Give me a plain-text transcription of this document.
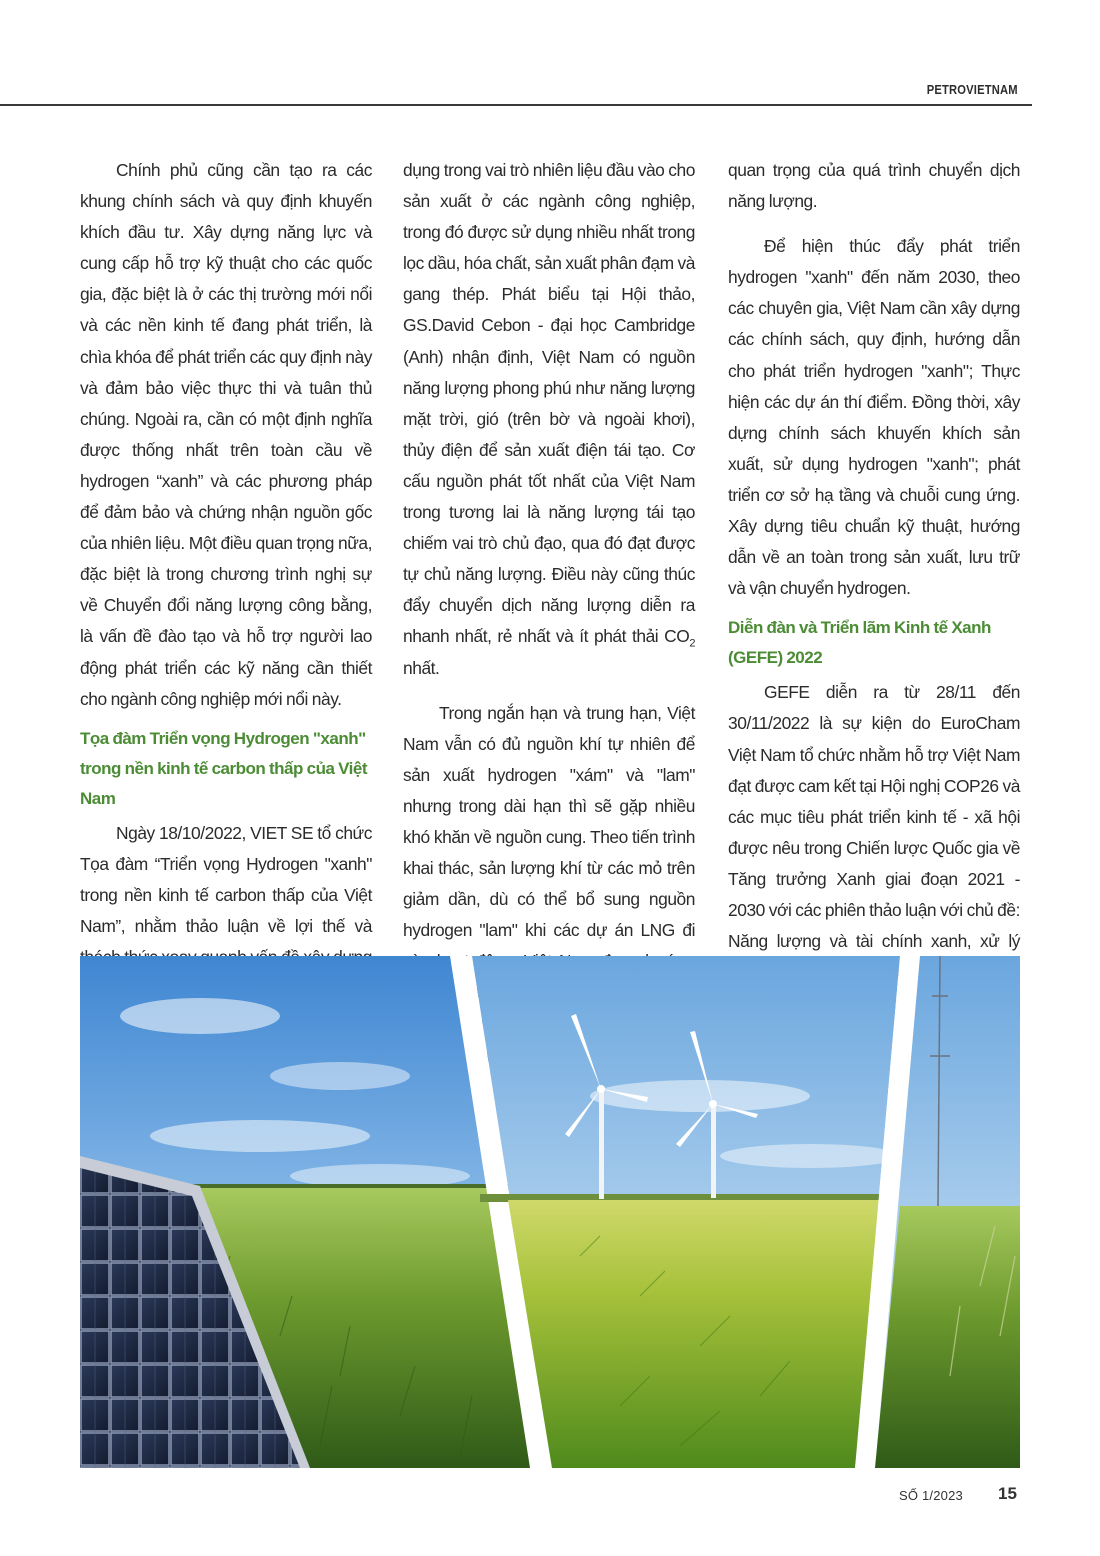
PETROVIETNAM

Chính phủ cũng cần tạo ra các khung chính sách và quy định khuyến khích đầu tư. Xây dựng năng lực và cung cấp hỗ trợ kỹ thuật cho các quốc gia, đặc biệt là ở các thị trường mới nổi và các nền kinh tế đang phát triển, là chìa khóa để phát triển các quy định này và đảm bảo việc thực thi và tuân thủ chúng. Ngoài ra, cần có một định nghĩa được thống nhất trên toàn cầu về hydrogen “xanh” và các phương pháp để đảm bảo và chứng nhận nguồn gốc của nhiên liệu. Một điều quan trọng nữa, đặc biệt là trong chương trình nghị sự về Chuyển đổi năng lượng công bằng, là vấn đề đào tạo và hỗ trợ người lao động phát triển các kỹ năng cần thiết cho ngành công nghiệp mới nổi này.

Tọa đàm Triển vọng Hydrogen "xanh" trong nền kinh tế carbon thấp của Việt Nam

Ngày 18/10/2022, VIET SE tổ chức Tọa đàm “Triển vọng Hydrogen "xanh" trong nền kinh tế carbon thấp của Việt Nam”, nhằm thảo luận về lợi thế và

dụng trong vai trò nhiên liệu đầu vào cho sản xuất ở các ngành công nghiệp, trong đó được sử dụng nhiều nhất trong lọc dầu, hóa chất, sản xuất phân đạm và gang thép. Phát biểu tại Hội thảo, GS.David Cebon - đại học Cambridge (Anh) nhận định, Việt Nam có nguồn năng lượng phong phú như năng lượng mặt trời, gió (trên bờ và ngoài khơi), thủy điện để sản xuất điện tái tạo. Cơ cấu nguồn phát tốt nhất của Việt Nam trong tương lai là năng lượng tái tạo chiếm vai trò chủ đạo, qua đó đạt được tự chủ năng lượng. Điều này cũng thúc đẩy chuyển dịch năng lượng diễn ra nhanh nhất, rẻ nhất và ít phát thải $CO_2$ nhất.

Trong ngắn hạn và trung hạn, Việt Nam vẫn có đủ nguồn khí tự nhiên để sản xuất hydrogen "xám" và "lam" nhưng trong dài hạn thì sẽ gặp nhiều khó khăn về nguồn cung. Theo tiến trình khai thác, sản lượng khí từ các mỏ trên giảm dần, dù có thể bổ sung nguồn hydrogen "lam" khi các dự án LNG đi

quan trọng của quá trình chuyển dịch năng lượng.

Để hiện thúc đẩy phát triển hydrogen "xanh" đến năm 2030, theo các chuyên gia, Việt Nam cần xây dựng các chính sách, quy định, hướng dẫn cho phát triển hydrogen "xanh"; Thực hiện các dự án thí điểm. Đồng thời, xây dựng chính sách khuyến khích sản xuất, sử dụng hydrogen "xanh"; phát triển cơ sở hạ tầng và chuỗi cung ứng. Xây dựng tiêu chuẩn kỹ thuật, hướng dẫn về an toàn trong sản xuất, lưu trữ và vận chuyển hydrogen.

Diễn đàn và Triển lãm Kinh tế Xanh (GEFE) 2022

GEFE diễn ra từ 28/11 đến 30/11/2022 là sự kiện do EuroCham Việt Nam tổ chức nhằm hỗ trợ Việt Nam đạt được cam kết tại Hội nghị COP26 và các mục tiêu phát triển kinh tế - xã hội được nêu trong Chiến lược Quốc gia về Tăng trưởng Xanh giai đoạn 2021 - 2030 với các phiên thảo luận với chủ đề: Năng lượng và tài chính xanh, xử lý

SỐ 1/2023 15
